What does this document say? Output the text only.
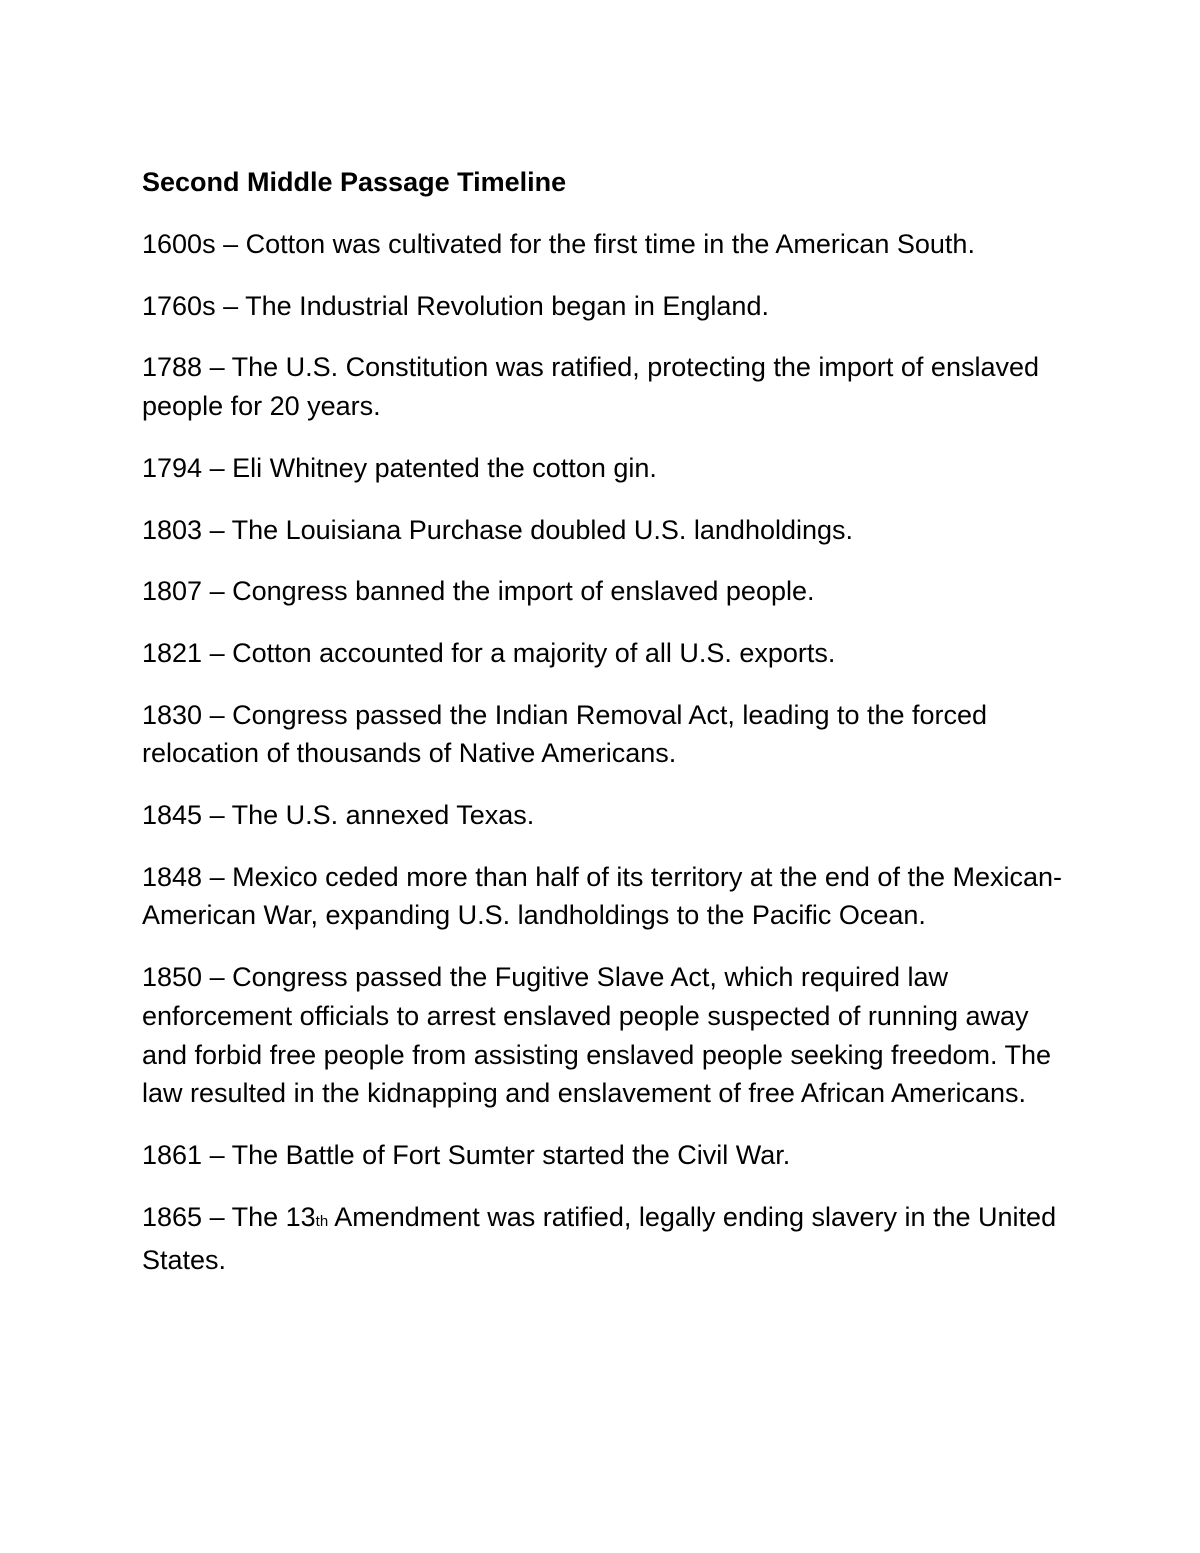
Second Middle Passage Timeline
1600s – Cotton was cultivated for the first time in the American South.
1760s – The Industrial Revolution began in England.
1788 – The U.S. Constitution was ratified, protecting the import of enslaved people for 20 years.
1794 – Eli Whitney patented the cotton gin.
1803 – The Louisiana Purchase doubled U.S. landholdings.
1807 – Congress banned the import of enslaved people.
1821 – Cotton accounted for a majority of all U.S. exports.
1830 – Congress passed the Indian Removal Act, leading to the forced relocation of thousands of Native Americans.
1845 – The U.S. annexed Texas.
1848 – Mexico ceded more than half of its territory at the end of the Mexican-American War, expanding U.S. landholdings to the Pacific Ocean.
1850 – Congress passed the Fugitive Slave Act, which required law enforcement officials to arrest enslaved people suspected of running away and forbid free people from assisting enslaved people seeking freedom. The law resulted in the kidnapping and enslavement of free African Americans.
1861 – The Battle of Fort Sumter started the Civil War.
1865 – The 13th Amendment was ratified, legally ending slavery in the United States.
